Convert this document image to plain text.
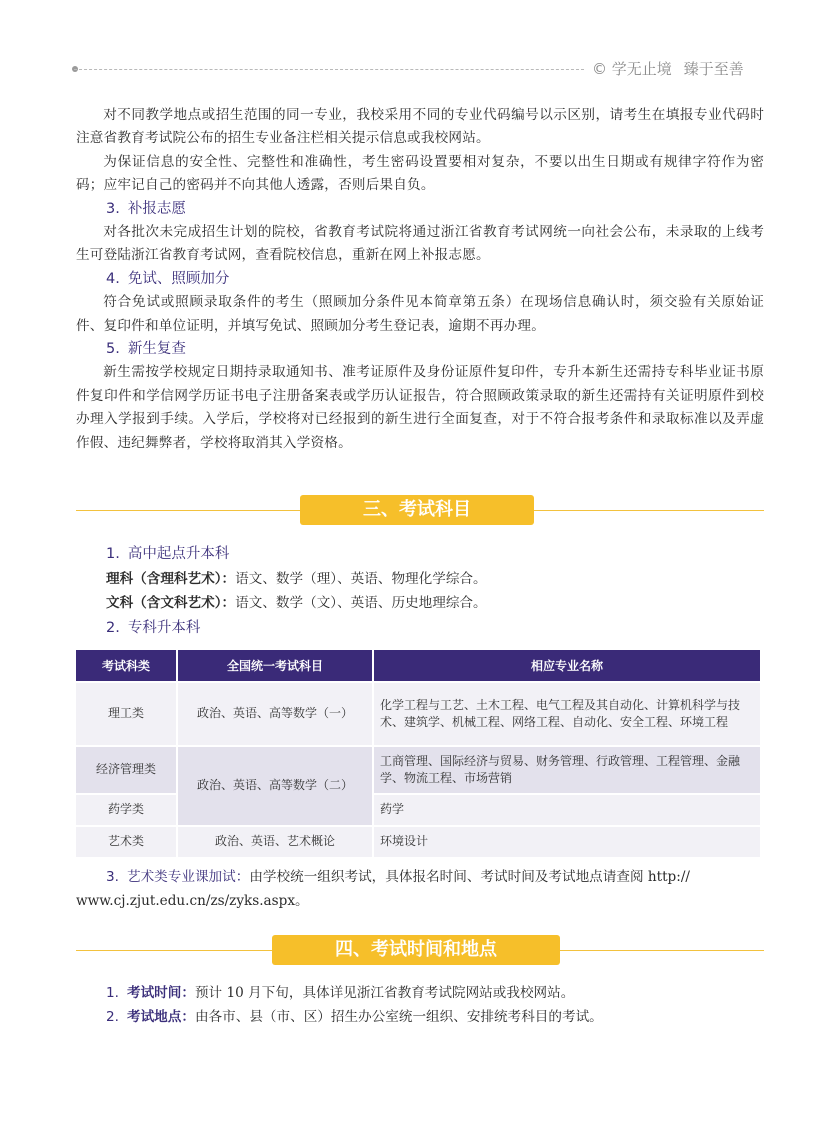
© 学无止境 臻于至善

对不同教学地点或招生范围的同一专业，我校采用不同的专业代码编号以示区别，请考生在填报专业代码时注意省教育考试院公布的招生专业备注栏相关提示信息或我校网站。

为保证信息的安全性、完整性和准确性，考生密码设置要相对复杂，不要以出生日期或有规律字符作为密码；应牢记自己的密码并不向其他人透露，否则后果自负。

3. 补报志愿

对各批次未完成招生计划的院校，省教育考试院将通过浙江省教育考试网统一向社会公布，未录取的上线考生可登陆浙江省教育考试网，查看院校信息，重新在网上补报志愿。

4. 免试、照顾加分

符合免试或照顾录取条件的考生（照顾加分条件见本简章第五条）在现场信息确认时，须交验有关原始证件、复印件和单位证明，并填写免试、照顾加分考生登记表，逾期不再办理。

5. 新生复查

新生需按学校规定日期持录取通知书、准考证原件及身份证原件复印件，专升本新生还需持专科毕业证书原件复印件和学信网学历证书电子注册备案表或学历认证报告，符合照顾政策录取的新生还需持有关证明原件到校办理入学报到手续。入学后，学校将对已经报到的新生进行全面复查，对于不符合报考条件和录取标准以及弄虚作假、违纪舞弊者，学校将取消其入学资格。

三、考试科目
1. 高中起点升本科

理科（含理科艺术）：语文、数学（理）、英语、物理化学综合。

文科（含文科艺术）：语文、数学（文）、英语、历史地理综合。

2. 专科升本科
考试科类	全国统一考试科目	相应专业名称
理工类	政治、英语、高等数学（一）	化学工程与工艺、土木工程、电气工程及其自动化、计算机科学与技术、建筑学、机械工程、网络工程、自动化、安全工程、环境工程
经济管理类	政治、英语、高等数学（二）	工商管理、国际经济与贸易、财务管理、行政管理、工程管理、金融学、物流工程、市场营销
药学类		药学
艺术类	政治、英语、艺术概论	环境设计

3. 艺术类专业课加试：由学校统一组织考试，具体报名时间、考试时间及考试地点请查阅 http://

www.cj.zjut.edu.cn/zs/zyks.aspx。

四、考试时间和地点

1. 考试时间：预计 10 月下旬，具体详见浙江省教育考试院网站或我校网站。

2. 考试地点：由各市、县（市、区）招生办公室统一组织、安排统考科目的考试。
